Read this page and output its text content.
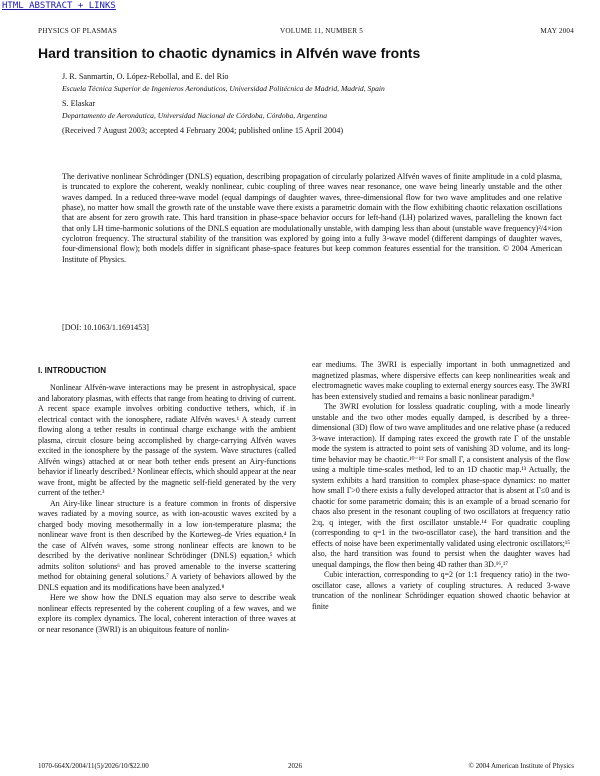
HTML ABSTRACT + LINKS
PHYSICS OF PLASMAS	VOLUME 11, NUMBER 5	MAY 2004
Hard transition to chaotic dynamics in Alfvén wave fronts
J. R. Sanmartín, O. López-Rebollal, and E. del Río
Escuela Técnica Superior de Ingenieros Aeronáuticos, Universidad Politécnica de Madrid, Madrid, Spain
S. Elaskar
Departamento de Aeronáutica, Universidad Nacional de Córdoba, Córdoba, Argentina
(Received 7 August 2003; accepted 4 February 2004; published online 15 April 2004)

The derivative nonlinear Schrödinger (DNLS) equation, describing propagation of circularly polarized Alfvén waves of finite amplitude in a cold plasma, is truncated to explore the coherent, weakly nonlinear, cubic coupling of three waves near resonance, one wave being linearly unstable and the other waves damped. In a reduced three-wave model (equal dampings of daughter waves, three-dimensional flow for two wave amplitudes and one relative phase), no matter how small the growth rate of the unstable wave there exists a parametric domain with the flow exhibiting chaotic relaxation oscillations that are absent for zero growth rate. This hard transition in phase-space behavior occurs for left-hand (LH) polarized waves, paralleling the known fact that only LH time-harmonic solutions of the DNLS equation are modulationally unstable, with damping less than about (unstable wave frequency)²/4×ion cyclotron frequency. The structural stability of the transition was explored by going into a fully 3-wave model (different dampings of daughter waves, four-dimensional flow); both models differ in significant phase-space features but keep common features essential for the transition. © 2004 American Institute of Physics.

[DOI: 10.1063/1.1691453]
I. INTRODUCTION

Nonlinear Alfvén-wave interactions may be present in astrophysical, space and laboratory plasmas, with effects that range from heating to driving of current. A recent space example involves orbiting conductive tethers, which, if in electrical contact with the ionosphere, radiate Alfvén waves.¹ A steady current flowing along a tether results in continual charge exchange with the ambient plasma, circuit closure being accomplished by charge-carrying Alfvén waves excited in the ionosphere by the passage of the system. Wave structures (called Alfvén wings) attached at or near both tether ends present an Airy-functions behavior if linearly described.² Nonlinear effects, which should appear at the near wave front, might be affected by the magnetic self-field generated by the very current of the tether.³

An Airy-like linear structure is a feature common in fronts of dispersive waves radiated by a moving source, as with ion-acoustic waves excited by a charged body moving mesothermally in a low ion-temperature plasma; the nonlinear wave front is then described by the Korteweg–de Vries equation.⁴ In the case of Alfvén waves, some strong nonlinear effects are known to be described by the derivative nonlinear Schrödinger (DNLS) equation,⁵ which admits soliton solutions⁶ and has proved amenable to the inverse scattering method for obtaining general solutions.⁷ A variety of behaviors allowed by the DNLS equation and its modifications have been analyzed.⁸

Here we show how the DNLS equation may also serve to describe weak nonlinear effects represented by the coherent coupling of a few waves, and we explore its complex dynamics. The local, coherent interaction of three waves at or near resonance (3WRI) is an ubiquitous feature of nonlin-

ear mediums. The 3WRI is especially important in both unmagnetized and magnetized plasmas, where dispersive effects can keep nonlinearities weak and electromagnetic waves make coupling to external energy sources easy. The 3WRI has been extensively studied and remains a basic nonlinear paradigm.⁹

The 3WRI evolution for lossless quadratic coupling, with a mode linearly unstable and the two other modes equally damped, is described by a three-dimensional (3D) flow of two wave amplitudes and one relative phase (a reduced 3-wave interaction). If damping rates exceed the growth rate Γ of the unstable mode the system is attracted to point sets of vanishing 3D volume, and its long-time behavior may be chaotic.¹⁰⁻¹² For small Γ, a consistent analysis of the flow using a multiple time-scales method, led to an 1D chaotic map.¹³ Actually, the system exhibits a hard transition to complex phase-space dynamics: no matter how small Γ>0 there exists a fully developed attractor that is absent at Γ≤0 and is chaotic for some parametric domain; this is an example of a broad scenario for chaos also present in the resonant coupling of two oscillators at frequency ratio 2:q, q integer, with the first oscillator unstable.¹⁴ For quadratic coupling (corresponding to q=1 in the two-oscillator case), the hard transition and the effects of noise have been experimentally validated using electronic oscillators;¹⁵ also, the hard transition was found to persist when the daughter waves had unequal dampings, the flow then being 4D rather than 3D.¹⁶,¹⁷

Cubic interaction, corresponding to q=2 (or 1:1 frequency ratio) in the two-oscillator case, allows a variety of coupling structures. A reduced 3-wave truncation of the nonlinear Schrödinger equation showed chaotic behavior at finite

1070-664X/2004/11(5)/2026/10/$22.00	2026	© 2004 American Institute of Physics
